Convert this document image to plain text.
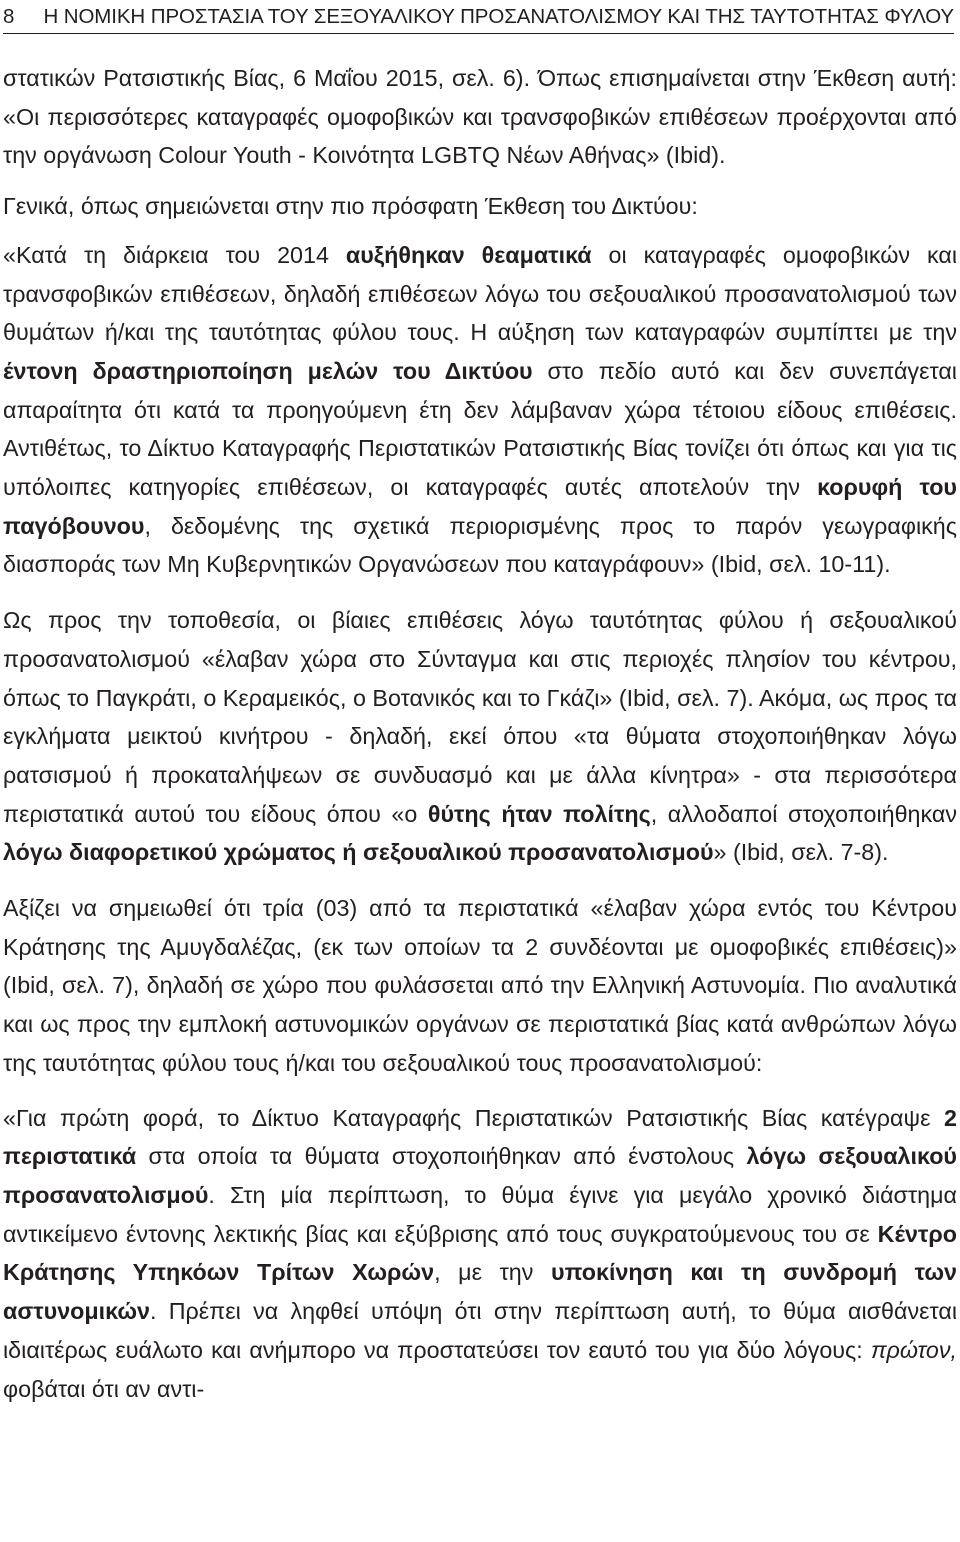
8	Η ΝΟΜΙΚΗ ΠΡΟΣΤΑΣΙΑ ΤΟΥ ΣΕΞΟΥΑΛΙΚΟΥ ΠΡΟΣΑΝΑΤΟΛΙΣΜΟΥ ΚΑΙ ΤΗΣ ΤΑΥΤΟΤΗΤΑΣ ΦΥΛΟΥ

στατικών Ρατσιστικής Βίας, 6 Μαΐου 2015, σελ. 6). Όπως επισημαίνεται στην Έκθεση αυτή: «Οι περισσότερες καταγραφές ομοφοβικών και τρανσφοβικών επιθέσεων προέρχονται από την οργάνωση Colour Youth - Κοινότητα LGBTQ Νέων Αθήνας» (Ibid).

Γενικά, όπως σημειώνεται στην πιο πρόσφατη Έκθεση του Δικτύου:

«Κατά τη διάρκεια του 2014 αυξήθηκαν θεαματικά οι καταγραφές ομοφοβικών και τρανσφοβικών επιθέσεων, δηλαδή επιθέσεων λόγω του σεξουαλικού προσανατολισμού των θυμάτων ή/και της ταυτότητας φύλου τους. Η αύξηση των καταγραφών συμπίπτει με την έντονη δραστηριοποίηση μελών του Δικτύου στο πεδίο αυτό και δεν συνεπάγεται απαραίτητα ότι κατά τα προηγούμενη έτη δεν λάμβαναν χώρα τέτοιου είδους επιθέσεις. Αντιθέτως, το Δίκτυο Καταγραφής Περιστατικών Ρατσιστικής Βίας τονίζει ότι όπως και για τις υπόλοιπες κατηγορίες επιθέσεων, οι καταγραφές αυτές αποτελούν την κορυφή του παγόβουνου, δεδομένης της σχετικά περιορισμένης προς το παρόν γεωγραφικής διασποράς των Μη Κυβερνητικών Οργανώσεων που καταγράφουν» (Ibid, σελ. 10-11).

Ως προς την τοποθεσία, οι βίαιες επιθέσεις λόγω ταυτότητας φύλου ή σεξουαλικού προσανατολισμού «έλαβαν χώρα στο Σύνταγμα και στις περιοχές πλησίον του κέντρου, όπως το Παγκράτι, ο Κεραμεικός, ο Βοτανικός και το Γκάζι» (Ibid, σελ. 7). Ακόμα, ως προς τα εγκλήματα μεικτού κινήτρου - δηλαδή, εκεί όπου «τα θύματα στοχοποιήθηκαν λόγω ρατσισμού ή προκαταλήψεων σε συνδυασμό και με άλλα κίνητρα» - στα περισσότερα περιστατικά αυτού του είδους όπου «ο θύτης ήταν πολίτης, αλλοδαποί στοχοποιήθηκαν λόγω διαφορετικού χρώματος ή σεξουαλικού προσανατολισμού» (Ibid, σελ. 7-8).

Αξίζει να σημειωθεί ότι τρία (03) από τα περιστατικά «έλαβαν χώρα εντός του Κέντρου Κράτησης της Αμυγδαλέζας, (εκ των οποίων τα 2 συνδέονται με ομοφοβικές επιθέσεις)» (Ibid, σελ. 7), δηλαδή σε χώρο που φυλάσσεται από την Ελληνική Αστυνομία. Πιο αναλυτικά και ως προς την εμπλοκή αστυνομικών οργάνων σε περιστατικά βίας κατά ανθρώπων λόγω της ταυτότητας φύλου τους ή/και του σεξουαλικού τους προσανατολισμού:

«Για πρώτη φορά, το Δίκτυο Καταγραφής Περιστατικών Ρατσιστικής Βίας κατέγραψε 2 περιστατικά στα οποία τα θύματα στοχοποιήθηκαν από ένστολους λόγω σεξουαλικού προσανατολισμού. Στη μία περίπτωση, το θύμα έγινε για μεγάλο χρονικό διάστημα αντικείμενο έντονης λεκτικής βίας και εξύβρισης από τους συγκρατούμενους του σε Κέντρο Κράτησης Υπηκόων Τρίτων Χωρών, με την υποκίνηση και τη συνδρομή των αστυνομικών. Πρέπει να ληφθεί υπόψη ότι στην περίπτωση αυτή, το θύμα αισθάνεται ιδιαιτέρως ευάλωτο και ανήμπορο να προστατεύσει τον εαυτό του για δύο λόγους: πρώτον, φοβάται ότι αν αντι-
